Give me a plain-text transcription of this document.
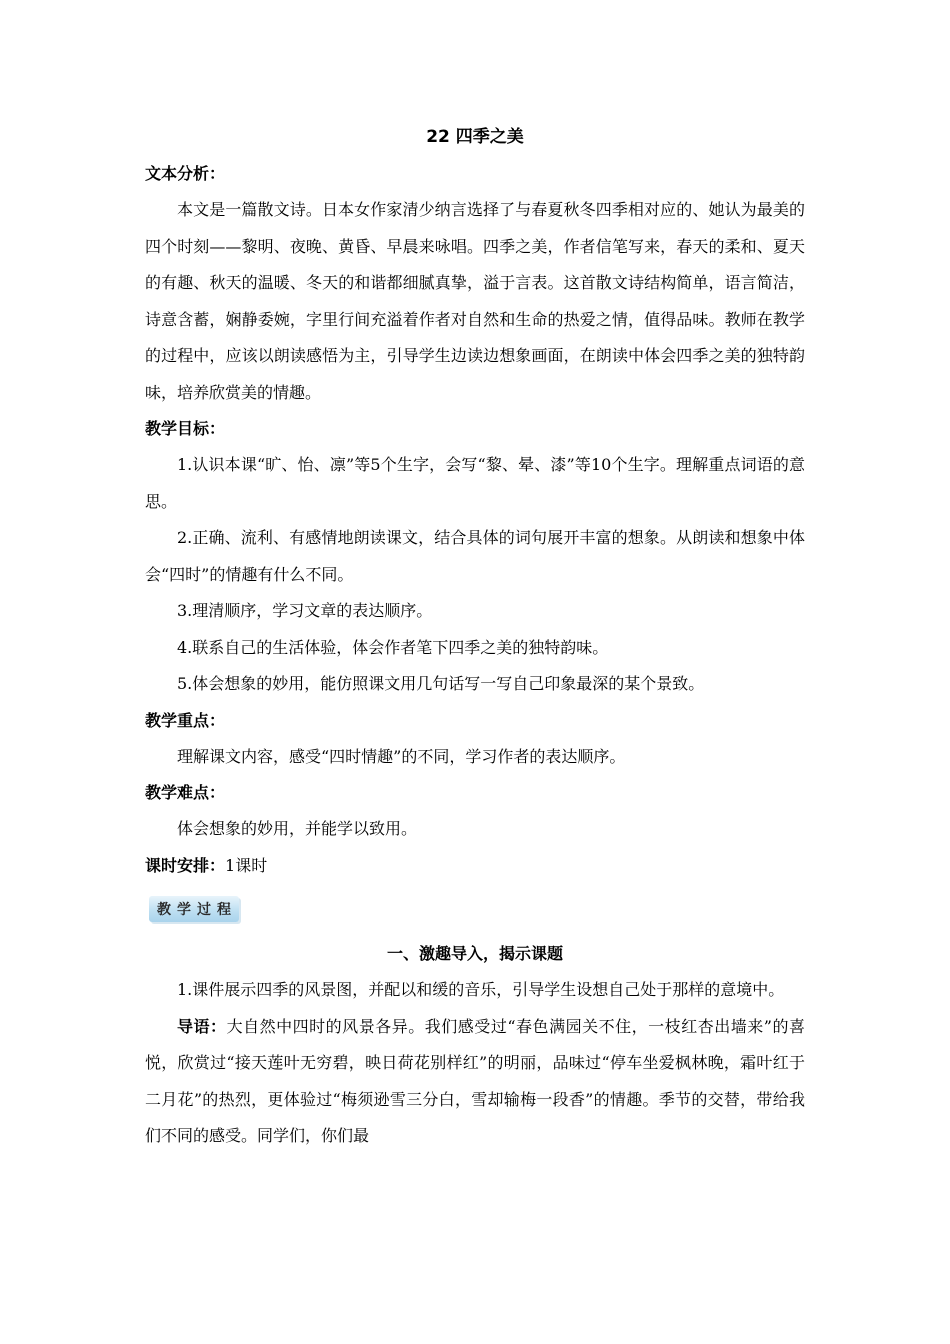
22 四季之美
文本分析：

本文是一篇散文诗。日本女作家清少纳言选择了与春夏秋冬四季相对应的、她认为最美的四个时刻——黎明、夜晚、黄昏、早晨来咏唱。四季之美，作者信笔写来，春天的柔和、夏天的有趣、秋天的温暖、冬天的和谐都细腻真挚，溢于言表。这首散文诗结构简单，语言简洁，诗意含蓄，娴静委婉，字里行间充溢着作者对自然和生命的热爱之情，值得品味。教师在教学的过程中，应该以朗读感悟为主，引导学生边读边想象画面，在朗读中体会四季之美的独特韵味，培养欣赏美的情趣。

教学目标：

1.认识本课“旷、怡、凛”等5个生字，会写“黎、晕、漆”等10个生字。理解重点词语的意思。

2.正确、流利、有感情地朗读课文，结合具体的词句展开丰富的想象。从朗读和想象中体会“四时”的情趣有什么不同。

3.理清顺序，学习文章的表达顺序。

4.联系自己的生活体验，体会作者笔下四季之美的独特韵味。

5.体会想象的妙用，能仿照课文用几句话写一写自己印象最深的某个景致。

教学重点：

理解课文内容，感受“四时情趣”的不同，学习作者的表达顺序。

教学难点：

体会想象的妙用，并能学以致用。

课时安排：1课时
教 学 过 程
一、激趣导入，揭示课题

1.课件展示四季的风景图，并配以和缓的音乐，引导学生设想自己处于那样的意境中。

导语：大自然中四时的风景各异。我们感受过“春色满园关不住，一枝红杏出墙来”的喜悦，欣赏过“接天莲叶无穷碧，映日荷花别样红”的明丽，品味过“停车坐爱枫林晚，霜叶红于二月花”的热烈，更体验过“梅须逊雪三分白，雪却输梅一段香”的情趣。季节的交替，带给我们不同的感受。同学们，你们最
